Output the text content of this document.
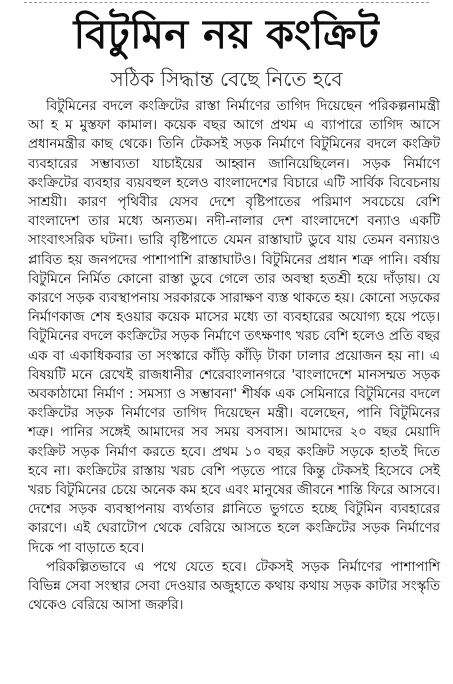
বিটুমিন নয় কংক্রিট
সঠিক সিদ্ধান্ত বেছে নিতে হবে

বিটুমিনের বদলে কংক্রিটের রাস্তা নির্মাণের তাগিদ দিয়েছেন পরিকল্পনামন্ত্রী আ হ ম মুস্তফা কামাল। কয়েক বছর আগে প্রথম এ ব্যাপারে তাগিদ আসে প্রধানমন্ত্রীর কাছ থেকে। তিনি টেকসই সড়ক নির্মাণে বিটুমিনের বদলে কংক্রিট ব্যবহারের সম্ভাব্যতা যাচাইয়ের আহ্বান জানিয়েছিলেন। সড়ক নির্মাণে কংক্রিটের ব্যবহার ব্যয়বহুল হলেও বাংলাদেশের বিচারে এটি সার্বিক বিবেচনায় সাশ্রয়ী। কারণ পৃথিবীর যেসব দেশে বৃষ্টিপাতের পরিমাণ সবচেয়ে বেশি বাংলাদেশ তার মধ্যে অন্যতম। নদী-নালার দেশ বাংলাদেশে বন্যাও একটি সাংবাৎসরিক ঘটনা। ভারি বৃষ্টিপাতে যেমন রাস্তাঘাট ডুবে যায় তেমন বন্যায়ও প্লাবিত হয় জনপদের পাশাপাশি রাস্তাঘাটও। বিটুমিনের প্রধান শত্রু পানি। বর্ষায় বিটুমিনে নির্মিত কোনো রাস্তা ডুবে গেলে তার অবস্থা হতশ্রী হয়ে দাঁড়ায়। যে কারণে সড়ক ব্যবস্থাপনায় সরকারকে সারাক্ষণ ব্যস্ত থাকতে হয়। কোনো সড়কের নির্মাণকাজ শেষ হওয়ার কয়েক মাসের মধ্যে তা ব্যবহারের অযোগ্য হয়ে পড়ে। বিটুমিনের বদলে কংক্রিটের সড়ক নির্মাণে তৎক্ষণাৎ খরচ বেশি হলেও প্রতি বছর এক বা একাধিকবার তা সংস্কারে কাঁড়ি কাঁড়ি টাকা ঢালার প্রয়োজন হয় না। এ বিষয়টি মনে রেখেই রাজধানীর শেরেবাংলানগরে 'বাংলাদেশে মানসম্মত সড়ক অবকাঠামো নির্মাণ : সমস্যা ও সম্ভাবনা' শীর্ষক এক সেমিনারে বিটুমিনের বদলে কংক্রিটের সড়ক নির্মাণের তাগিদ দিয়েছেন মন্ত্রী। বলেছেন, পানি বিটুমিনের শত্রু। পানির সঙ্গেই আমাদের সব সময় বসবাস। আমাদের ২০ বছর মেয়াদি কংক্রিট সড়ক নির্মাণ করতে হবে। প্রথম ১০ বছর কংক্রিট সড়কে হাতই দিতে হবে না। কংক্রিটের রাস্তায় খরচ বেশি পড়তে পারে কিন্তু টেকসই হিসেবে সেই খরচ বিটুমিনের চেয়ে অনেক কম হবে এবং মানুষের জীবনে শান্তি ফিরে আসবে। দেশের সড়ক ব্যবস্থাপনায় ব্যর্থতার গ্লানিতে ভুগতে হচ্ছে বিটুমিন ব্যবহারের কারণে। এই ঘেরাটোপ থেকে বেরিয়ে আসতে হলে কংক্রিটের সড়ক নির্মাণের দিকে পা বাড়াতে হবে।

পরিকল্পিতভাবে এ পথে যেতে হবে। টেকসই সড়ক নির্মাণের পাশাপাশি বিভিন্ন সেবা সংস্থার সেবা দেওয়ার অজুহাতে কথায় কথায় সড়ক কাটার সংস্কৃতি থেকেও বেরিয়ে আসা জরুরি।
